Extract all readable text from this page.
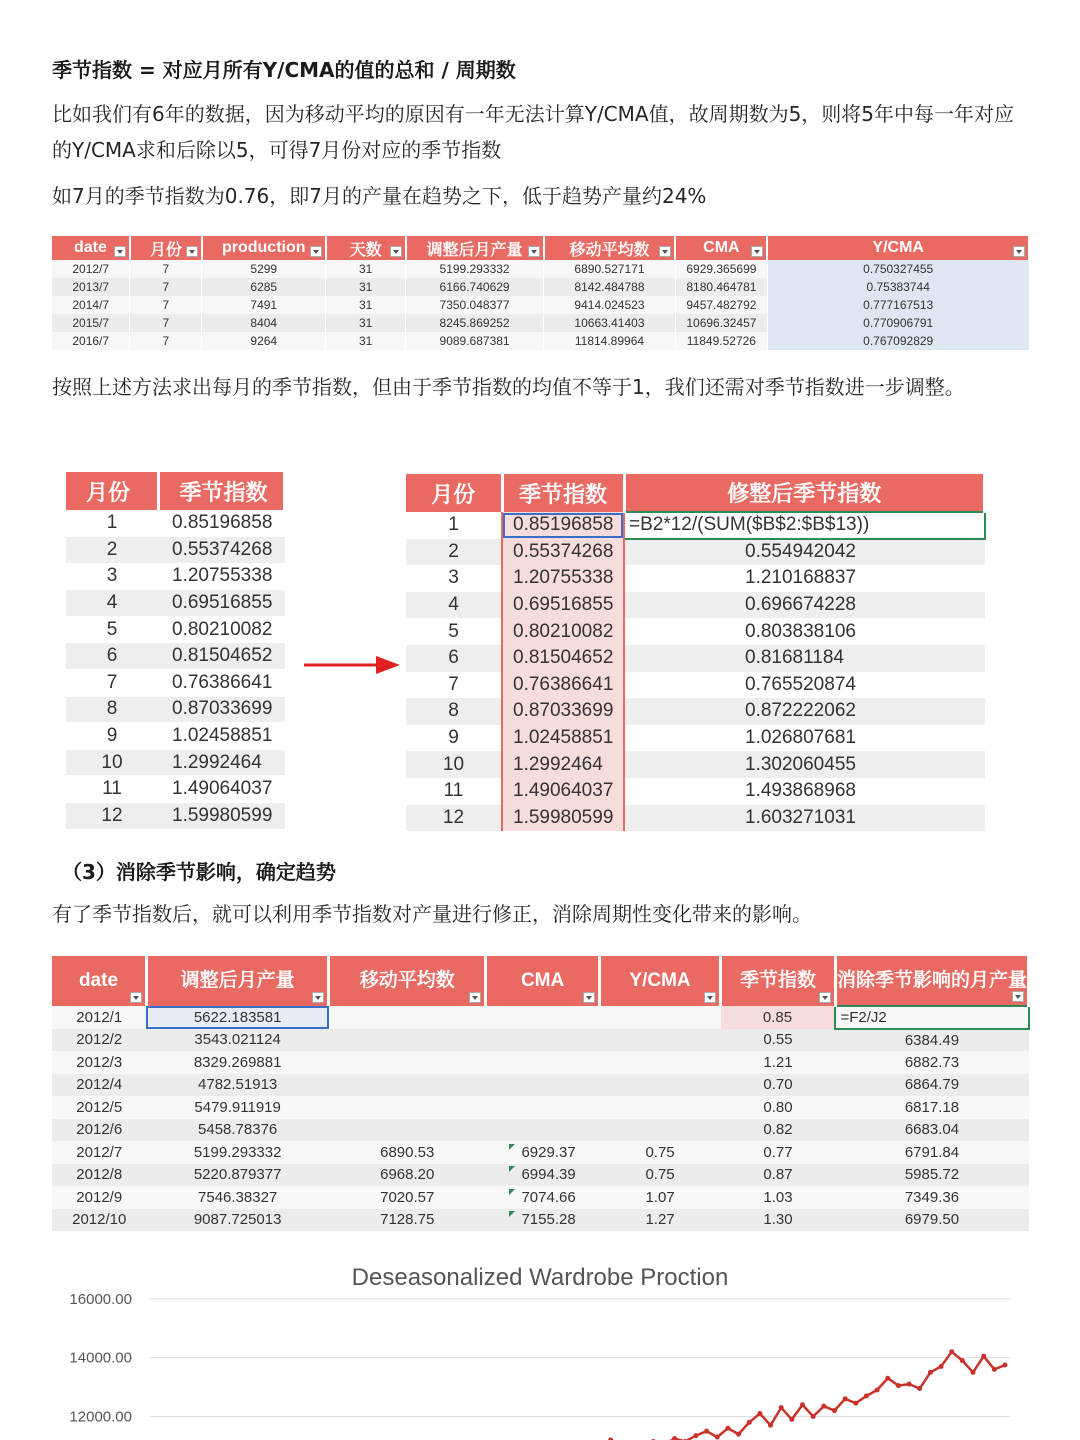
季节指数 = 对应月所有Y/CMA的值的总和 / 周期数
比如我们有6年的数据，因为移动平均的原因有一年无法计算Y/CMA值，故周期数为5，则将5年中每一年对应的Y/CMA求和后除以5，可得7月份对应的季节指数
如7月的季节指数为0.76，即7月的产量在趋势之下，低于趋势产量约24%
date	月份	production	天数	调整后月产量	移动平均数	CMA	Y/CMA

2012/7	7	5299	31	5199.293332	6890.527171	6929.365699	0.750327455
2013/7	7	6285	31	6166.740629	8142.484788	8180.464781	0.75383744
2014/7	7	7491	31	7350.048377	9414.024523	9457.482792	0.777167513
2015/7	7	8404	31	8245.869252	10663.41403	10696.32457	0.770906791
2016/7	7	9264	31	9089.687381	11814.89964	11849.52726	0.767092829
按照上述方法求出每月的季节指数，但由于季节指数的均值不等于1，我们还需对季节指数进一步调整。
月份	季节指数
1	0.85196858
2	0.55374268
3	1.20755338
4	0.69516855
5	0.80210082
6	0.81504652
7	0.76386641
8	0.87033699
9	1.02458851
10	1.2992464
11	1.49064037
12	1.59980599
月份	季节指数	修整后季节指数
1	0.85196858	=B2*12/(SUM($B$2:$B$13))
2	0.55374268	0.554942042
3	1.20755338	1.210168837
4	0.69516855	0.696674228
5	0.80210082	0.803838106
6	0.81504652	0.81681184
7	0.76386641	0.765520874
8	0.87033699	0.872222062
9	1.02458851	1.026807681
10	1.2992464	1.302060455
11	1.49064037	1.493868968
12	1.59980599	1.603271031
（3）消除季节影响，确定趋势
有了季节指数后，就可以利用季节指数对产量进行修正，消除周期性变化带来的影响。
date	调整后月产量	移动平均数	CMA	Y/CMA	季节指数	消除季节影响的月产量

2012/1	5622.183581				0.85	=F2/J2
2012/2	3543.021124				0.55	6384.49
2012/3	8329.269881				1.21	6882.73
2012/4	4782.51913				0.70	6864.79
2012/5	5479.911919				0.80	6817.18
2012/6	5458.78376				0.82	6683.04
2012/7	5199.293332	6890.53	6929.37	0.75	0.77	6791.84
2012/8	5220.879377	6968.20	6994.39	0.75	0.87	5985.72
2012/9	7546.38327	7020.57	7074.66	1.07	1.03	7349.36
2012/10	9087.725013	7128.75	7155.28	1.27	1.30	6979.50
Deseasonalized Wardrobe Proction
16000.00
14000.00
12000.00
